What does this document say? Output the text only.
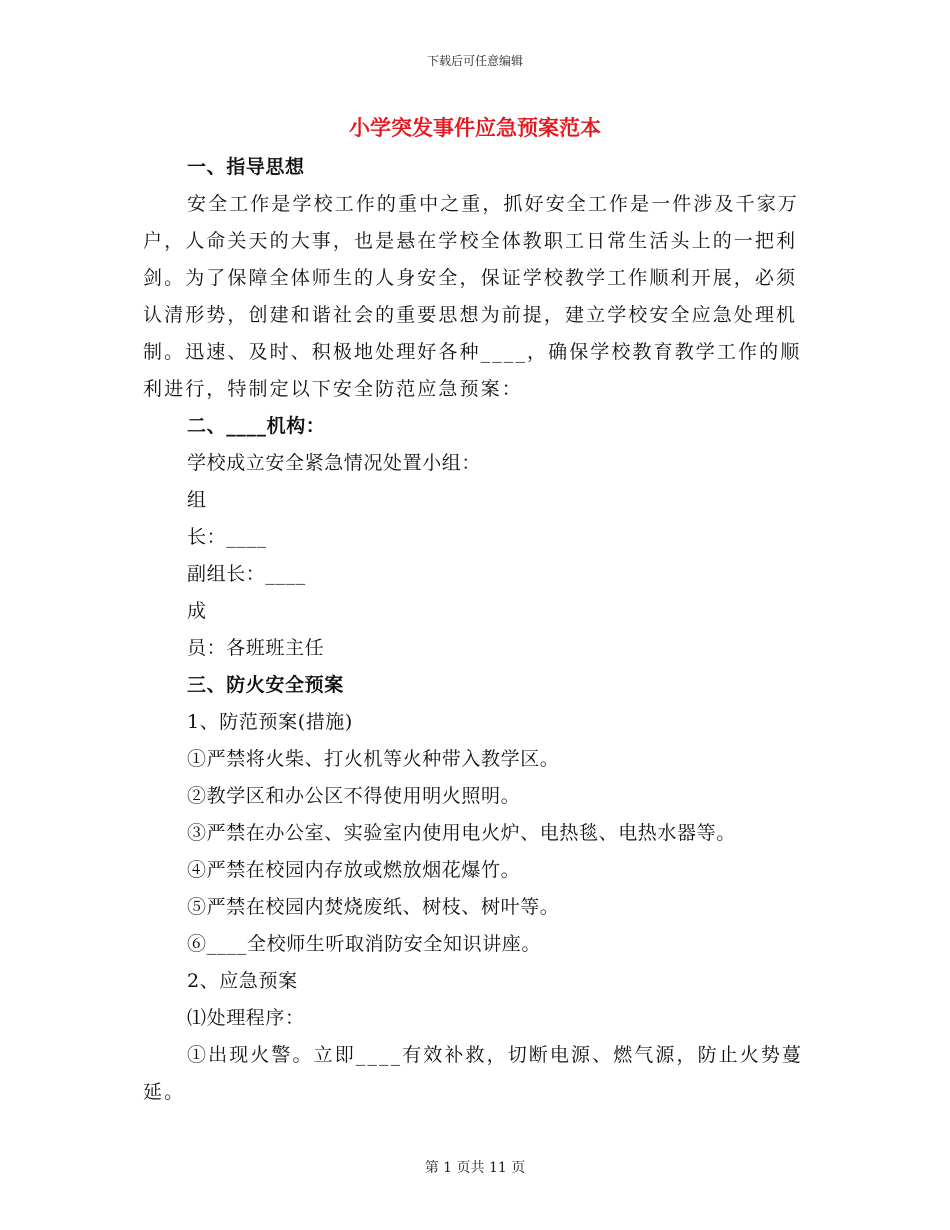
下载后可任意编辑
小学突发事件应急预案范本
一、指导思想
安全工作是学校工作的重中之重，抓好安全工作是一件涉及千家万户，人命关天的大事，也是悬在学校全体教职工日常生活头上的一把利剑。为了保障全体师生的人身安全，保证学校教学工作顺利开展，必须认清形势，创建和谐社会的重要思想为前提，建立学校安全应急处理机制。迅速、及时、积极地处理好各种____，确保学校教育教学工作的顺利进行，特制定以下安全防范应急预案：
二、____机构：
学校成立安全紧急情况处置小组：
组
长：____
副组长：____
成
员：各班班主任
三、防火安全预案
1、防范预案(措施)
①严禁将火柴、打火机等火种带入教学区。
②教学区和办公区不得使用明火照明。
③严禁在办公室、实验室内使用电火炉、电热毯、电热水器等。
④严禁在校园内存放或燃放烟花爆竹。
⑤严禁在校园内焚烧废纸、树枝、树叶等。
⑥____全校师生听取消防安全知识讲座。
2、应急预案
⑴处理程序：
①出现火警。立即____有效补救，切断电源、燃气源，防止火势蔓延。
第 1 页共 11 页
